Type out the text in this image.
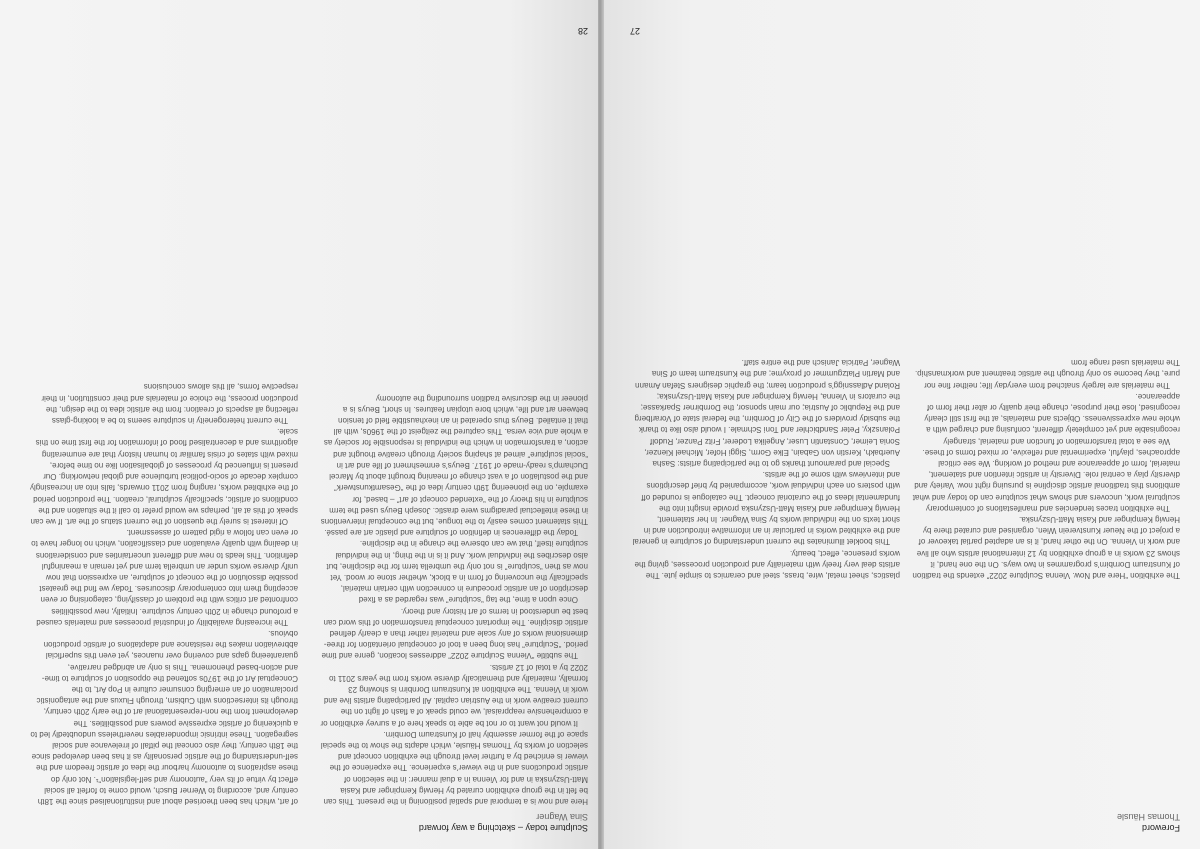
Foreword
Thomas Häusle

The exhibition “Here and Now. Vienna Sculpture 2022” extends the tradition of Kunstraum Dornbirn’s programmes in two ways. On the one hand, it shows 23 works in a group exhibition by 12 international artists who all live and work in Vienna. On the other hand, it is an adapted partial takeover of a project of the Neuer Kunstverein Wien, organised and curated there by Herwig Kempinger and Kasia Matt-Uszynska.

The exhibition traces tendencies and manifestations of contemporary sculptural work, uncovers and shows what sculpture can do today and what ambitions this traditional artistic discipline is pursuing right now. Variety and diversity play a central role. Diversity in artistic intention and statement, material, form of appearance and method of working. We see critical approaches, playful, experimental and reflexive, or mixed forms of these.

We see a total transformation of function and material, strangely recognisable and yet completely different, confusing and charged with a whole new expressiveness. Objects and materials, at the first still clearly recognised, lose their purpose, change their quality or alter their form of appearance.

The materials are largely snatched from everyday life; neither fine nor pure, they become so only through the artistic treatment and workmanship. The materials used range from

plastics, sheet metal, wire, brass, steel and ceramics to simple jute. The artists deal very freely with materiality and production processes, giving the works presence, effect, beauty.

This booklet illuminates the current understanding of sculpture in general and the exhibited works in particular in an informative introduction and in short texts on the individual works by Sina Wagner. In her statement, Herwig Kempinger and Kasia Matt-Uszynska provide insight into the fundamental ideas of the curatorial concept. The catalogue is rounded off with posters on each individual work, accompanied by brief descriptions and interviews with some of the artists.

Special and paramount thanks go to the participating artists: Sasha Auerbakh, Kerstin von Gabain, Elke Gorm, Siggi Hofer, Michael Kienzer, Sonia Leimer, Constantin Luser, Angelika Loderer, Fritz Panzer, Rudolf Polanszky, Peter Sandbichler and Toni Schmale. I would also like to thank the subsidy providers of the City of Dornbirn, the federal state of Vorarlberg and the Republic of Austria; our main sponsor, the Dornbirner Sparkasse; the curators in Vienna, Herwig Kempinger and Kasia Matt-Uszynska; Roland Adlassnigg’s production team; the graphic designers Stefan Amann and Martin Platzgummer of proxyme; and the Kunstraum team of Sina Wagner, Patricia Janisch and the entire staff.

27
Sculpture today – sketching a way forward
Sina Wagner

Here and now is a temporal and spatial positioning in the present. This can be felt in the group exhibition curated by Herwig Kempinger and Kasia Matt-Uszynska in and for Vienna in a dual manner: in the selection of artistic productions and in the viewer’s experience. The experience of the viewer is enriched by a further level through the exhibition concept and selection of works by Thomas Häusle, which adapts the show to the special space of the former assembly hall of Kunstraum Dornbirn.

It would not want to or not be able to speak here of a survey exhibition or a comprehensive reappraisal, we could speak of a flash of light on the current creative work in the Austrian capital. All participating artists live and work in Vienna. The exhibition at Kunstraum Dornbirn is showing 23 formally, materially and thematically diverse works from the years 2011 to 2022 by a total of 12 artists.

The subtitle “Vienna Sculpture 2022” addresses location, genre and time period. “Sculpture” has long been a tool of conceptual orientation for three-dimensional works of any scale and material rather than a clearly defined artistic discipline. The important conceptual transformation of this word can best be understood in terms of art history and theory.

Once upon a time, the tag “sculpture” was regarded as a fixed description of an artistic procedure in connection with certain material, specifically the uncovering of form in a block, whether stone or wood. Yet now as then “sculpture” is not only the umbrella term for the discipline, but also describes the individual work. And it is in the thing, in the individual sculpture itself, that we can observe the change in the discipline.

Today the differences in definition of sculpture and plastic art are passé. This statement comes easily to the tongue, but the conceptual interventions in these intellectual paradigms were drastic. Joseph Beuys used the term sculpture in his theory of the “extended concept of art” – based, for example, on the pioneering 19th century idea of the “Gesamtkunstwerk” and the postulation of a vast change of meaning brought about by Marcel Duchamp’s ready-made of 1917. Beuys’s enmeshment of life and art in “social sculpture” aimed at shaping society through creative thought and action, a transformation in which the individual is responsible for society as a whole and vice versa. This captured the zeitgeist of the 1960s, with all that it entailed. Beuys thus operated in an inexhaustible field of tension between art and life, which bore utopian features. In short, Beuys is a pioneer in the discursive tradition surrounding the autonomy

of art, which has been theorised about and institutionalised since the 18th century and, according to Werner Busch, would come to forfeit all social effect by virtue of its very “autonomy and self-legislation”¹. Not only do these aspirations to autonomy harbour the idea of artistic freedom and the self-understanding of the artistic personality as it has been developed since the 18th century, they also conceal the pitfall of irrelevance and social segregation. These intrinsic imponderables nevertheless undoubtedly led to a quickening of artistic expressive powers and possibilities. The development from the non-representational art of the early 20th century, through its intersections with Cubism, through Fluxus and the antagonistic proclamation of an emerging consumer culture in Pop Art, to the Conceptual Art of the 1970s softened the opposition of sculpture to time- and action-based phenomena. This is only an abridged narrative, guaranteeing gaps and covering over nuances, yet even this superficial abbreviation makes the resistance and adaptations of artistic production obvious.

The increasing availability of industrial processes and materials caused a profound change in 20th century sculpture. Initially, new possibilities confronted art critics with the problem of classifying, categorising or even accepting them into contemporary discourses. Today we find the greatest possible dissolution of the concept of sculpture, an expression that now unify diverse works under an umbrella term and yet remain a meaningful definition. This leads to new and different uncertainties and considerations in dealing with quality evaluation and classification, which no longer have to or even can follow a rigid pattern of assessment.

Of interest is surely the question of the current status of the art. If we can speak of this at all, perhaps we would prefer to call it the situation and the conditions of artistic, specifically sculptural, creation. The production period of the exhibited works, ranging from 2011 onwards, falls into an increasingly complex decade of socio-political turbulence and global networking. Our present is influenced by processes of globalisation like no time before, mixed with states of crisis familiar to human history that are enumerating algorithms and a decentralised flood of information for the first time on this scale.

The current heterogeneity in sculpture seems to be a looking-glass reflecting all aspects of creation: from the artistic idea to the design, the production process, the choice of materials and their constitution, in their respective forms, all this allows conclusions

28
